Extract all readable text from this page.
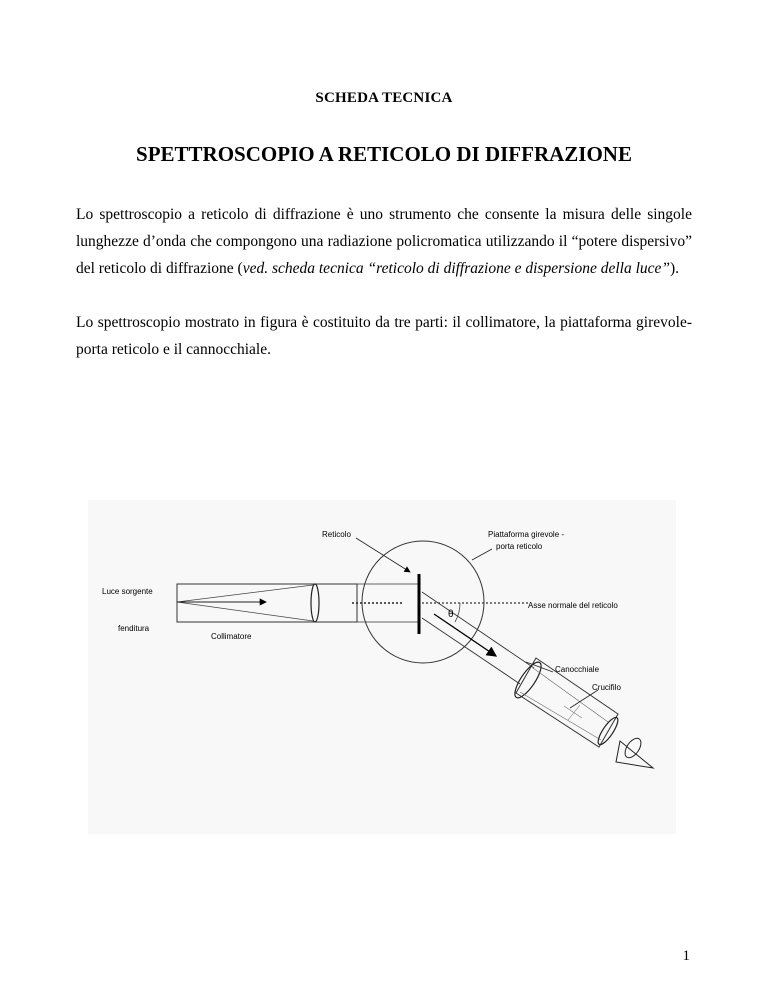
SCHEDA TECNICA
SPETTROSCOPIO A RETICOLO DI DIFFRAZIONE

Lo spettroscopio a reticolo di diffrazione è uno strumento che consente la misura delle singole lunghezze d’onda che compongono una radiazione policromatica utilizzando il “potere dispersivo” del reticolo di diffrazione (ved. scheda tecnica “reticolo di diffrazione e dispersione della luce”).

Lo spettroscopio mostrato in figura è costituito da tre parti: il collimatore, la piattaforma girevole-porta reticolo e il cannocchiale.

Reticolo	Piattaforma girevole -
porta reticolo
Luce sorgente
Asse normale del reticolo
fenditura
Collimatore
θ
Canocchiale
Crucifilo
1
